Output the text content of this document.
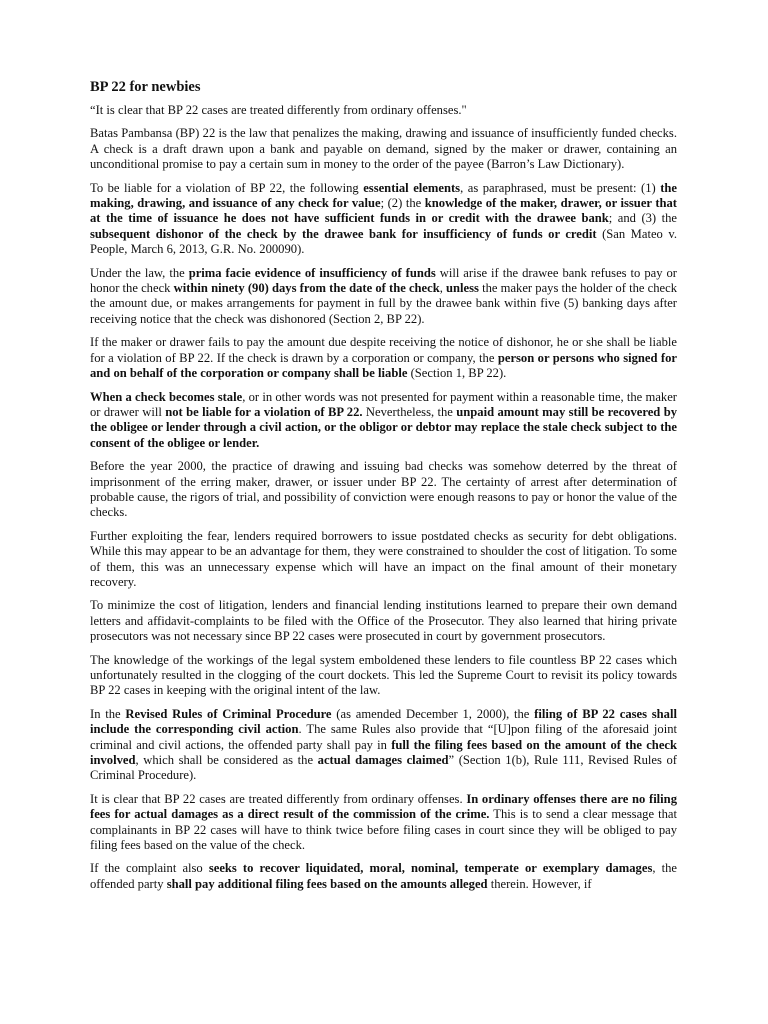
BP 22 for newbies

“It is clear that BP 22 cases are treated differently from ordinary offenses."

Batas Pambansa (BP) 22 is the law that penalizes the making, drawing and issuance of insufficiently funded checks. A check is a draft drawn upon a bank and payable on demand, signed by the maker or drawer, containing an unconditional promise to pay a certain sum in money to the order of the payee (Barron’s Law Dictionary).

To be liable for a violation of BP 22, the following essential elements, as paraphrased, must be present: (1) the making, drawing, and issuance of any check for value; (2) the knowledge of the maker, drawer, or issuer that at the time of issuance he does not have sufficient funds in or credit with the drawee bank; and (3) the subsequent dishonor of the check by the drawee bank for insufficiency of funds or credit (San Mateo v. People, March 6, 2013, G.R. No. 200090).

Under the law, the prima facie evidence of insufficiency of funds will arise if the drawee bank refuses to pay or honor the check within ninety (90) days from the date of the check, unless the maker pays the holder of the check the amount due, or makes arrangements for payment in full by the drawee bank within five (5) banking days after receiving notice that the check was dishonored (Section 2, BP 22).

If the maker or drawer fails to pay the amount due despite receiving the notice of dishonor, he or she shall be liable for a violation of BP 22. If the check is drawn by a corporation or company, the person or persons who signed for and on behalf of the corporation or company shall be liable (Section 1, BP 22).

When a check becomes stale, or in other words was not presented for payment within a reasonable time, the maker or drawer will not be liable for a violation of BP 22. Nevertheless, the unpaid amount may still be recovered by the obligee or lender through a civil action, or the obligor or debtor may replace the stale check subject to the consent of the obligee or lender.

Before the year 2000, the practice of drawing and issuing bad checks was somehow deterred by the threat of imprisonment of the erring maker, drawer, or issuer under BP 22. The certainty of arrest after determination of probable cause, the rigors of trial, and possibility of conviction were enough reasons to pay or honor the value of the checks.

Further exploiting the fear, lenders required borrowers to issue postdated checks as security for debt obligations. While this may appear to be an advantage for them, they were constrained to shoulder the cost of litigation. To some of them, this was an unnecessary expense which will have an impact on the final amount of their monetary recovery.

To minimize the cost of litigation, lenders and financial lending institutions learned to prepare their own demand letters and affidavit-complaints to be filed with the Office of the Prosecutor. They also learned that hiring private prosecutors was not necessary since BP 22 cases were prosecuted in court by government prosecutors.

The knowledge of the workings of the legal system emboldened these lenders to file countless BP 22 cases which unfortunately resulted in the clogging of the court dockets. This led the Supreme Court to revisit its policy towards BP 22 cases in keeping with the original intent of the law.

In the Revised Rules of Criminal Procedure (as amended December 1, 2000), the filing of BP 22 cases shall include the corresponding civil action. The same Rules also provide that “[U]pon filing of the aforesaid joint criminal and civil actions, the offended party shall pay in full the filing fees based on the amount of the check involved, which shall be considered as the actual damages claimed” (Section 1(b), Rule 111, Revised Rules of Criminal Procedure).

It is clear that BP 22 cases are treated differently from ordinary offenses. In ordinary offenses there are no filing fees for actual damages as a direct result of the commission of the crime. This is to send a clear message that complainants in BP 22 cases will have to think twice before filing cases in court since they will be obliged to pay filing fees based on the value of the check.

If the complaint also seeks to recover liquidated, moral, nominal, temperate or exemplary damages, the offended party shall pay additional filing fees based on the amounts alleged therein. However, if
